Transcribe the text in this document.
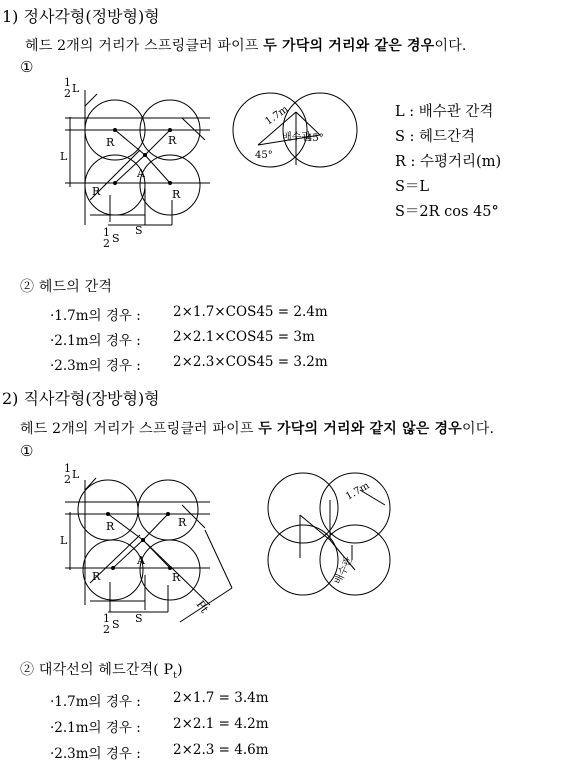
1) 정사각형(정방형)형
헤드 2개의 거리가 스프링클러 파이프 두 가닥의 거리와 같은 경우이다.
①
1
2 L
L
R	R
R	R
A
S
1
2 S
1.7m
배수관
45°
45°
1
2 L
L
R	R
R	R
A
S
Pt
1
2 S
1.7m
배수관
L : 배수관 간격
S : 헤드간격
R : 수평거리(m)
S＝L
S＝2R cos 45°
② 헤드의 간격
·1.7m의 경우 : 2×1.7×COS45 = 2.4m
·2.1m의 경우 : 2×2.1×COS45 = 3m
·2.3m의 경우 : 2×2.3×COS45 = 3.2m
2) 직사각형(장방형)형
헤드 2개의 거리가 스프링클러 파이프 두 가닥의 거리와 같지 않은 경우이다.
①
② 대각선의 헤드간격( $P_t$)
·1.7m의 경우 : 2×1.7 = 3.4m
·2.1m의 경우 : 2×2.1 = 4.2m
·2.3m의 경우 : 2×2.3 = 4.6m
